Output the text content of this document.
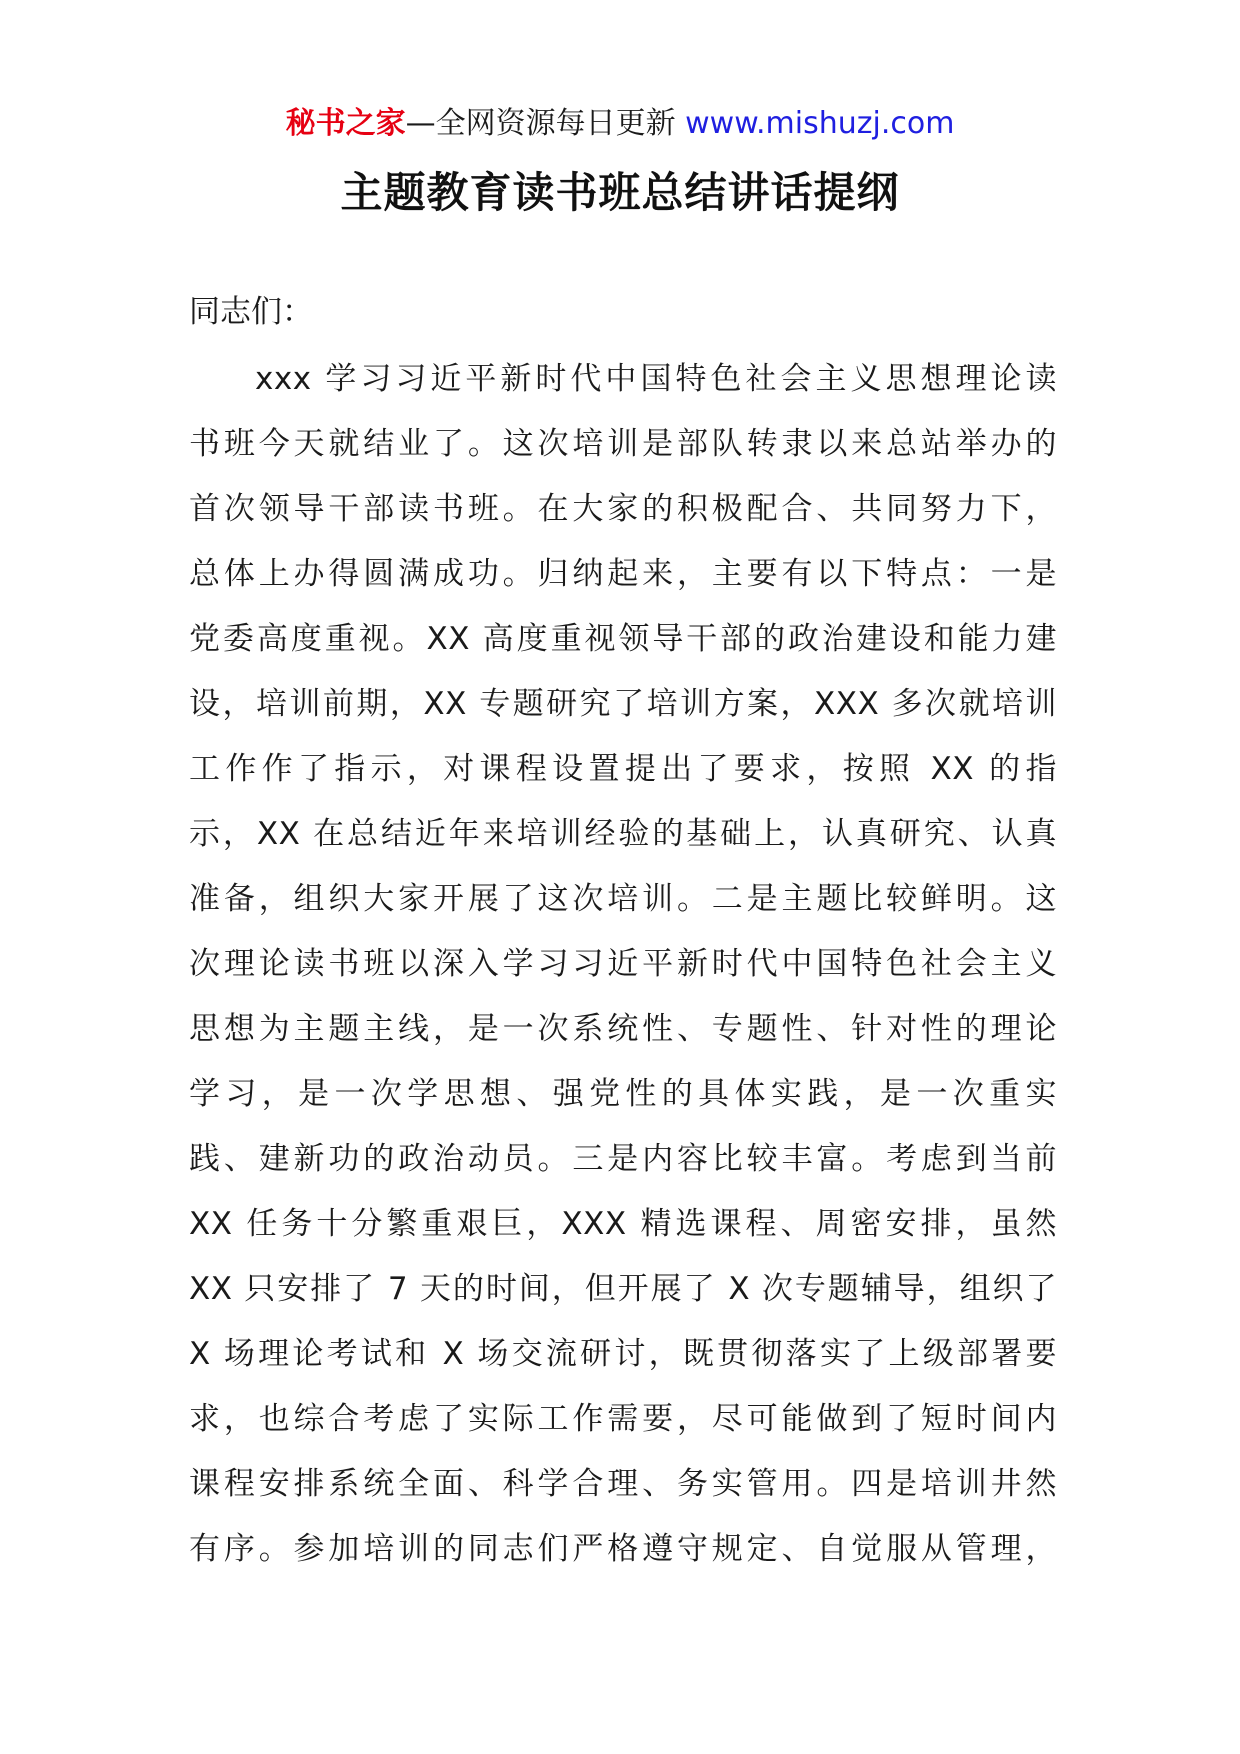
秘书之家—全网资源每日更新 www.mishuzj.com
主题教育读书班总结讲话提纲
同志们：
xxx 学习习近平新时代中国特色社会主义思想理论读
书班今天就结业了。这次培训是部队转隶以来总站举办的
首次领导干部读书班。在大家的积极配合、共同努力下，
总体上办得圆满成功。归纳起来，主要有以下特点：一是
党委高度重视。XX 高度重视领导干部的政治建设和能力建
设，培训前期，XX 专题研究了培训方案，XXX 多次就培训
工作作了指示，对课程设置提出了要求，按照 XX 的指
示，XX 在总结近年来培训经验的基础上，认真研究、认真
准备，组织大家开展了这次培训。二是主题比较鲜明。这
次理论读书班以深入学习习近平新时代中国特色社会主义
思想为主题主线，是一次系统性、专题性、针对性的理论
学习，是一次学思想、强党性的具体实践，是一次重实
践、建新功的政治动员。三是内容比较丰富。考虑到当前
XX 任务十分繁重艰巨，XXX 精选课程、周密安排，虽然
XX 只安排了 7 天的时间，但开展了 X 次专题辅导，组织了
X 场理论考试和 X 场交流研讨，既贯彻落实了上级部署要
求，也综合考虑了实际工作需要，尽可能做到了短时间内
课程安排系统全面、科学合理、务实管用。四是培训井然
有序。参加培训的同志们严格遵守规定、自觉服从管理，
